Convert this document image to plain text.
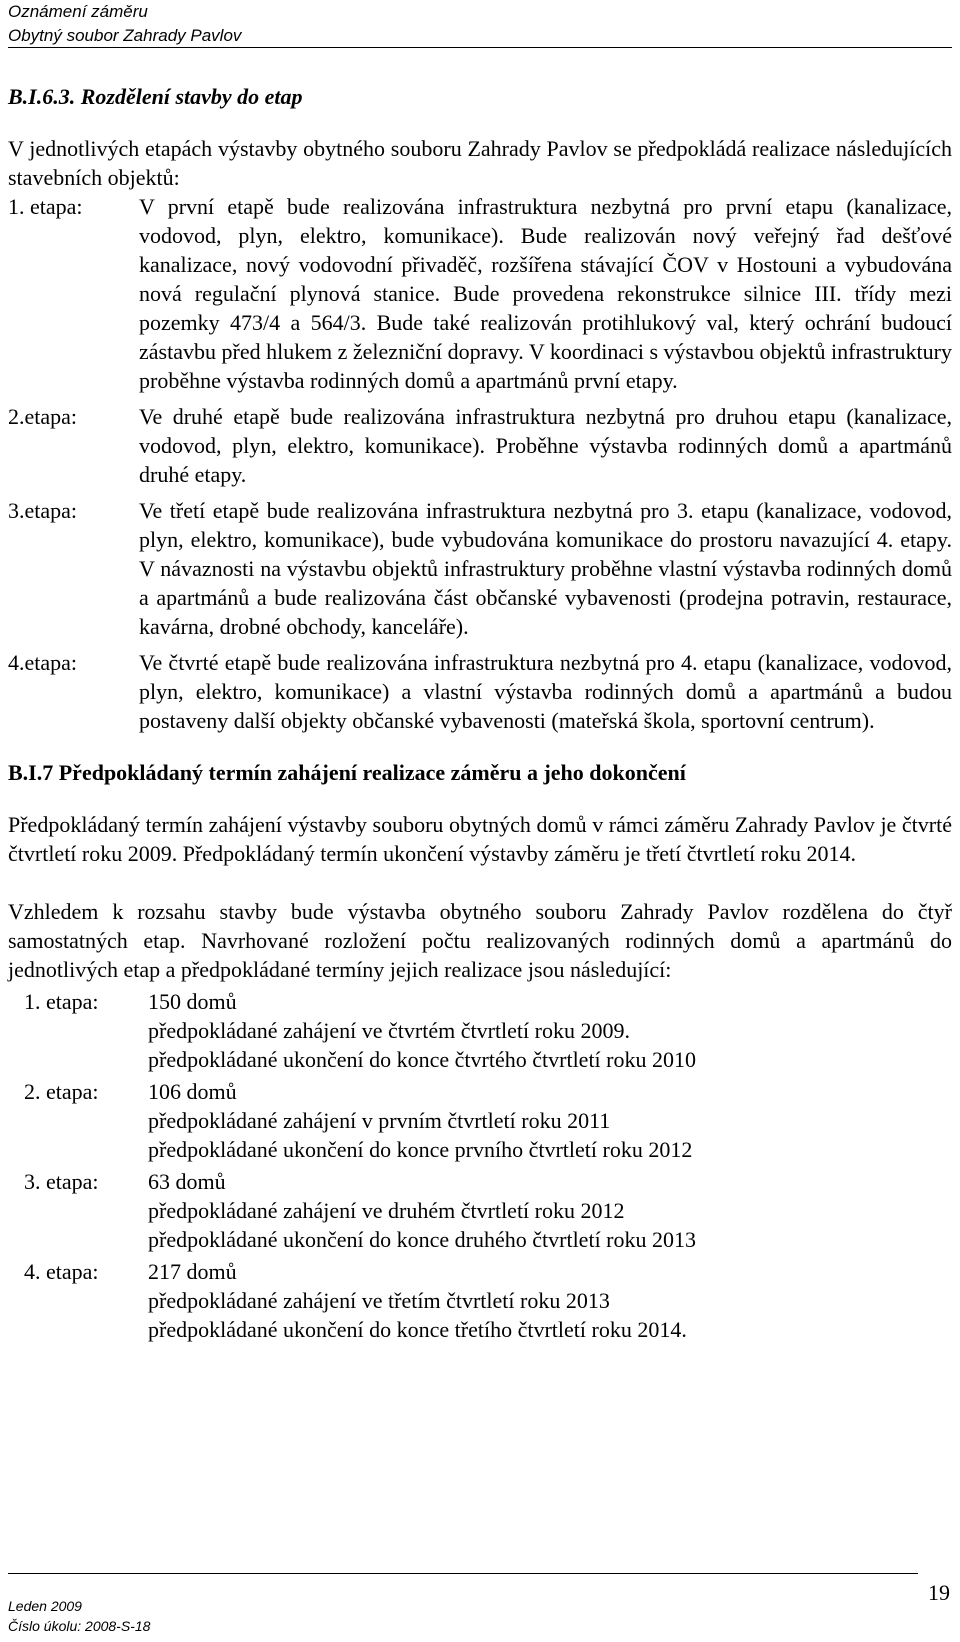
Oznámení záměru
Obytný soubor Zahrady Pavlov
B.I.6.3. Rozdělení stavby do etap

V jednotlivých etapách výstavby obytného souboru Zahrady Pavlov se předpokládá realizace následujících stavebních objektů:

1. etapa:	V první etapě bude realizována infrastruktura nezbytná pro první etapu (kanalizace, vodovod, plyn, elektro, komunikace). Bude realizován nový veřejný řad dešťové kanalizace, nový vodovodní přivaděč, rozšířena stávající ČOV v Hostouni a vybudována nová regulační plynová stanice. Bude provedena rekonstrukce silnice III. třídy mezi pozemky 473/4 a 564/3. Bude také realizován protihlukový val, který ochrání budoucí zástavbu před hlukem z železniční dopravy. V koordinaci s výstavbou objektů infrastruktury proběhne výstavba rodinných domů a apartmánů první etapy.
2.etapa:	Ve druhé etapě bude realizována infrastruktura nezbytná pro druhou etapu (kanalizace, vodovod, plyn, elektro, komunikace). Proběhne výstavba rodinných domů a apartmánů druhé etapy.
3.etapa:	Ve třetí etapě bude realizována infrastruktura nezbytná pro 3. etapu (kanalizace, vodovod, plyn, elektro, komunikace), bude vybudována komunikace do prostoru navazující 4. etapy. V návaznosti na výstavbu objektů infrastruktury proběhne vlastní výstavba rodinných domů a apartmánů a bude realizována část občanské vybavenosti (prodejna potravin, restaurace, kavárna, drobné obchody, kanceláře).
4.etapa:	Ve čtvrté etapě bude realizována infrastruktura nezbytná pro 4. etapu (kanalizace, vodovod, plyn, elektro, komunikace) a vlastní výstavba rodinných domů a apartmánů a budou postaveny další objekty občanské vybavenosti (mateřská škola, sportovní centrum).
B.I.7 Předpokládaný termín zahájení realizace záměru a jeho dokončení

Předpokládaný termín zahájení výstavby souboru obytných domů v rámci záměru Zahrady Pavlov je čtvrté čtvrtletí roku 2009. Předpokládaný termín ukončení výstavby záměru je třetí čtvrtletí roku 2014.

Vzhledem k rozsahu stavby bude výstavba obytného souboru Zahrady Pavlov rozdělena do čtyř samostatných etap. Navrhované rozložení počtu realizovaných rodinných domů a apartmánů do jednotlivých etap a předpokládané termíny jejich realizace jsou následující:

1. etapa:	150 domů
předpokládané zahájení ve čtvrtém čtvrtletí roku 2009.
předpokládané ukončení do konce čtvrtého čtvrtletí roku 2010
2. etapa:	106 domů
předpokládané zahájení v prvním čtvrtletí roku 2011
předpokládané ukončení do konce prvního čtvrtletí roku 2012
3. etapa:	63 domů
předpokládané zahájení ve druhém čtvrtletí roku 2012
předpokládané ukončení do konce druhého čtvrtletí roku 2013
4. etapa:	217 domů
předpokládané zahájení ve třetím čtvrtletí roku 2013
předpokládané ukončení do konce třetího čtvrtletí roku 2014.
19
Leden 2009
Číslo úkolu: 2008-S-18
